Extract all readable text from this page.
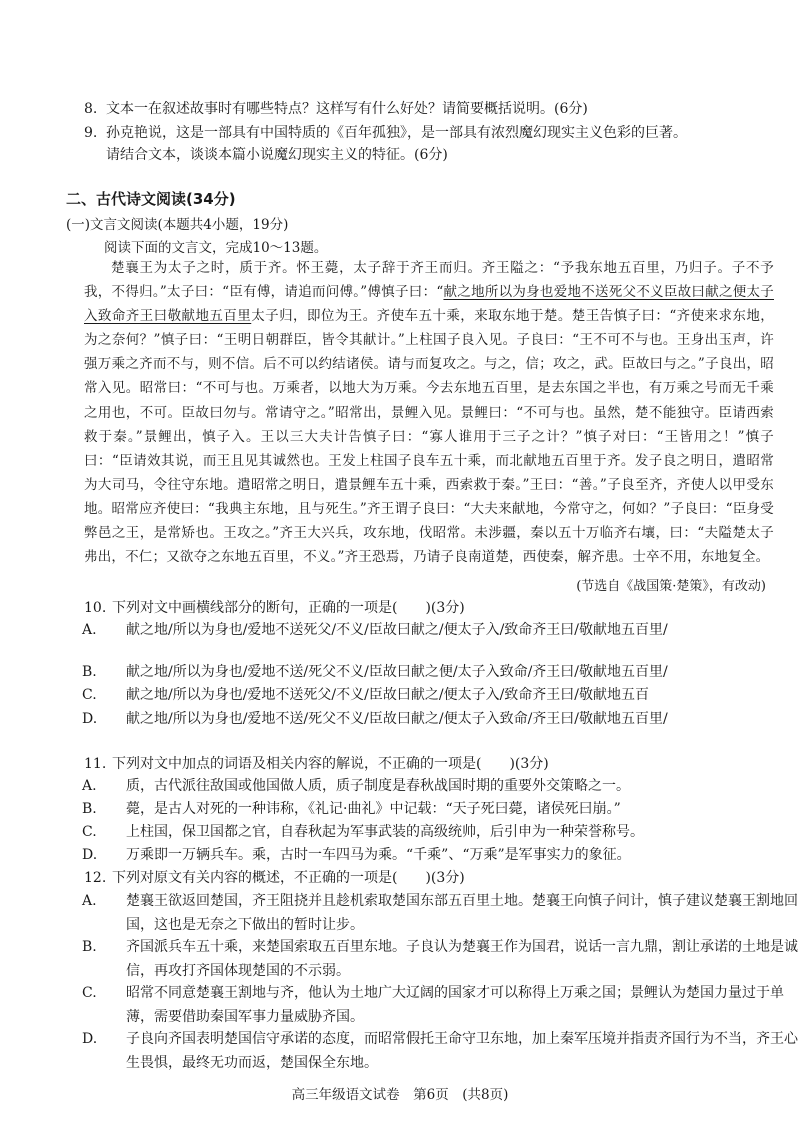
8. 文本一在叙述故事时有哪些特点？这样写有什么好处？请简要概括说明。(6分)
9. 孙克艳说，这是一部具有中国特质的《百年孤独》，是一部具有浓烈魔幻现实主义色彩的巨著。
请结合文本，谈谈本篇小说魔幻现实主义的特征。(6分)
二、古代诗文阅读(34分)
(一)文言文阅读(本题共4小题，19分)
阅读下面的文言文，完成10～13题。
楚襄王为太子之时，质于齐。怀王薨，太子辞于齐王而归。齐王隘之：“予我东地五百里，乃归子。子不予我，不得归。”太子曰：“臣有傅，请追而问傅。”傅慎子曰：“献之地所以为身也爱地不送死父不义臣故曰献之便太子入致命齐王曰敬献地五百里太子归，即位为王。齐使车五十乘，来取东地于楚。楚王告慎子曰：“齐使来求东地，为之奈何？”慎子曰：“王明日朝群臣，皆令其献计。”上柱国子良入见。子良曰：“王不可不与也。王身出玉声，许强万乘之齐而不与，则不信。后不可以约结诸侯。请与而复攻之。与之，信；攻之，武。臣故曰与之。”子良出，昭常入见。昭常曰：“不可与也。万乘者，以地大为万乘。今去东地五百里，是去东国之半也，有万乘之号而无千乘之用也，不可。臣故曰勿与。常请守之。”昭常出，景鲤入见。景鲤曰：“不可与也。虽然，楚不能独守。臣请西索救于秦。”景鲤出，慎子入。王以三大夫计告慎子曰：“寡人谁用于三子之计？”慎子对曰：“王皆用之！”慎子曰：“臣请效其说，而王且见其诚然也。王发上柱国子良车五十乘，而北献地五百里于齐。发子良之明日，遣昭常为大司马，令往守东地。遣昭常之明日，遣景鲤车五十乘，西索救于秦。”王曰：“善。”子良至齐，齐使人以甲受东地。昭常应齐使曰：“我典主东地，且与死生。”齐王谓子良曰：“大夫来献地，今常守之，何如？”子良曰：“臣身受弊邑之王，是常矫也。王攻之。”齐王大兴兵，攻东地，伐昭常。未涉疆，秦以五十万临齐右壤，曰：“夫隘楚太子弗出，不仁；又欲夺之东地五百里，不义。”齐王恐焉，乃请子良南道楚，西使秦，解齐患。士卒不用，东地复全。
(节选自《战国策·楚策》，有改动)
10. 下列对文中画横线部分的断句，正确的一项是(　　)(3分)
A. 献之地/所以为身也/爱地不送死父/不义/臣故曰献之/便太子入/致命齐王曰/敬献地五百里/
B. 献之地/所以为身也/爱地不送/死父不义/臣故曰献之便/太子入致命/齐王曰/敬献地五百里/
C. 献之地/所以为身也/爱地不送死父/不义/臣故曰献之/便太子入/致命齐王曰/敬献地五百
D. 献之地/所以为身也/爱地不送/死父不义/臣故曰献之/便太子入致命/齐王曰/敬献地五百里/
11. 下列对文中加点的词语及相关内容的解说，不正确的一项是(　　)(3分)
A. 质，古代派往敌国或他国做人质，质子制度是春秋战国时期的重要外交策略之一。
B. 薨，是古人对死的一种讳称，《礼记·曲礼》中记载：“天子死曰薨，诸侯死曰崩。”
C. 上柱国，保卫国都之官，自春秋起为军事武装的高级统帅，后引申为一种荣誉称号。
D. 万乘即一万辆兵车。乘，古时一车四马为乘。“千乘”、“万乘”是军事实力的象征。
12. 下列对原文有关内容的概述，不正确的一项是(　　)(3分)
A. 楚襄王欲返回楚国，齐王阻挠并且趁机索取楚国东部五百里土地。楚襄王向慎子问计，慎子建议楚襄王割地回国，这也是无奈之下做出的暂时让步。
B. 齐国派兵车五十乘，来楚国索取五百里东地。子良认为楚襄王作为国君，说话一言九鼎，割让承诺的土地是诚信，再攻打齐国体现楚国的不示弱。
C. 昭常不同意楚襄王割地与齐，他认为土地广大辽阔的国家才可以称得上万乘之国；景鲤认为楚国力量过于单薄，需要借助秦国军事力量威胁齐国。
D. 子良向齐国表明楚国信守承诺的态度，而昭常假托王命守卫东地，加上秦军压境并指责齐国行为不当，齐王心生畏惧，最终无功而返，楚国保全东地。
高三年级语文试卷　第6页　(共8页)
